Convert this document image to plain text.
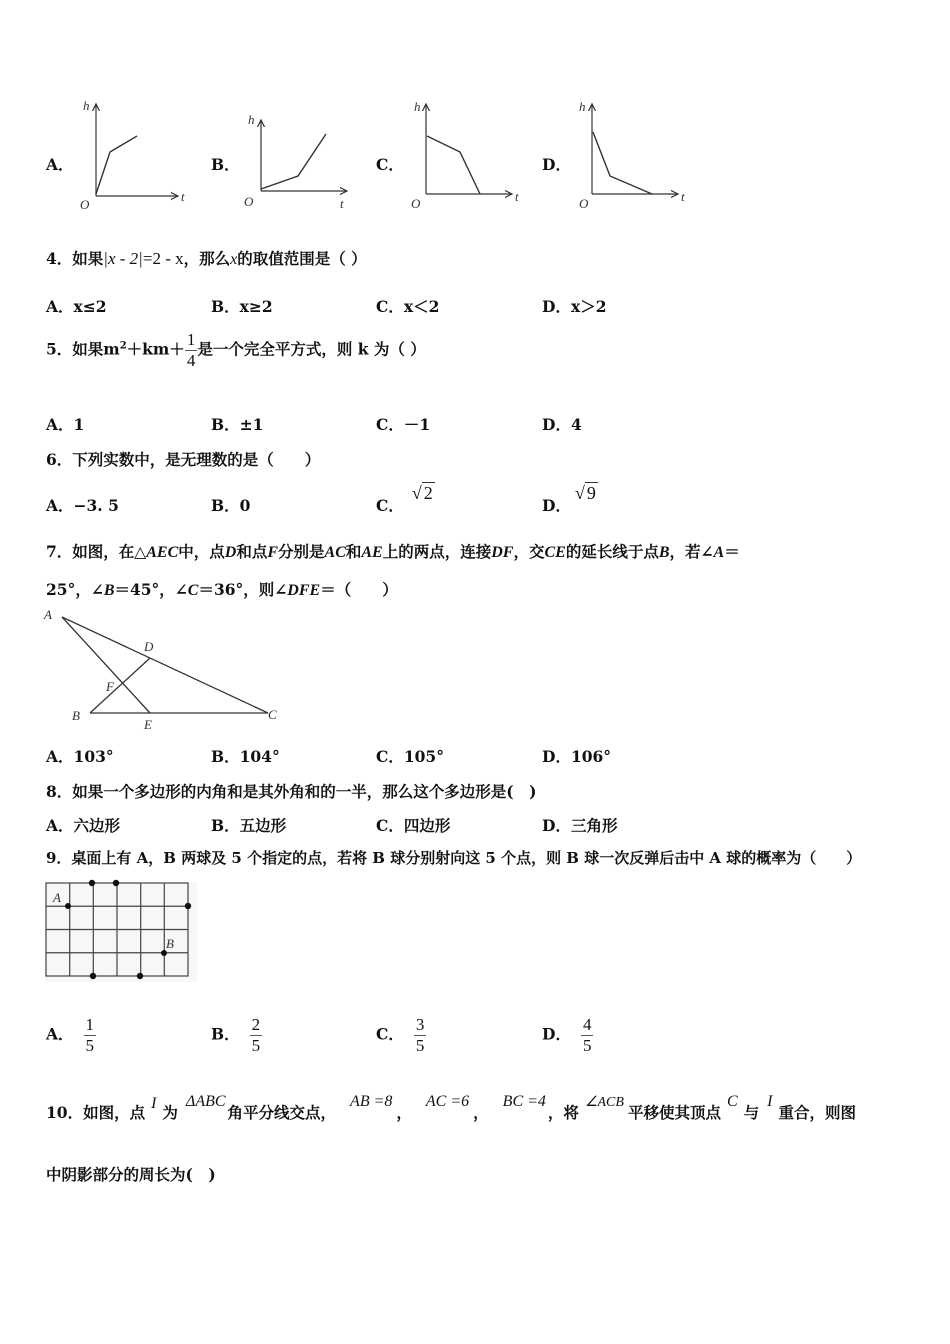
A．	B．	C．	D．
h
t
O
h
t
O
h
t
O
h
t
O
4．如果|x - 2|=2 - x，那么x的取值范围是（ ）
A．x≤2	B．x≥2	C．x＜2	D．x＞2
5．如果$m^2+km+ \frac{1}{4}$ 是一个完全平方式，则 k 为（ ）
A．1	B．±1	C．－1	D．4
6．下列实数中，是无理数的是（　　）
A．−3. 5	B．0	C．√ 2
D．√ 9
7．如图，在△AEC中，点D和点F分别是AC和AE上的两点，连接DF，交CE的延长线于点B，若∠A＝
25°，∠B＝45°，∠C＝36°，则∠DFE＝（　　）
A
D
F
B
E
C
A．103°	B．104°	C．105°	D．106°
8．如果一个多边形的内角和是其外角和的一半，那么这个多边形是(　)
A．六边形	B．五边形	C．四边形	D．三角形
9．桌面上有 A，B 两球及 5 个指定的点，若将 B 球分别射向这 5 个点，则 B 球一次反弹后击中 A 球的概率为（　　）
A
B
A． $\frac{1}{5}$	B． $\frac{2}{5}$	C． $\frac{3}{5}$	D． $\frac{4}{5}$
10．如图，点 I 为ΔABC角平分线交点，AB =8，AC =6，BC =4，将∠ACB平移使其顶点C与I重合，则图
中阴影部分的周长为(　)
